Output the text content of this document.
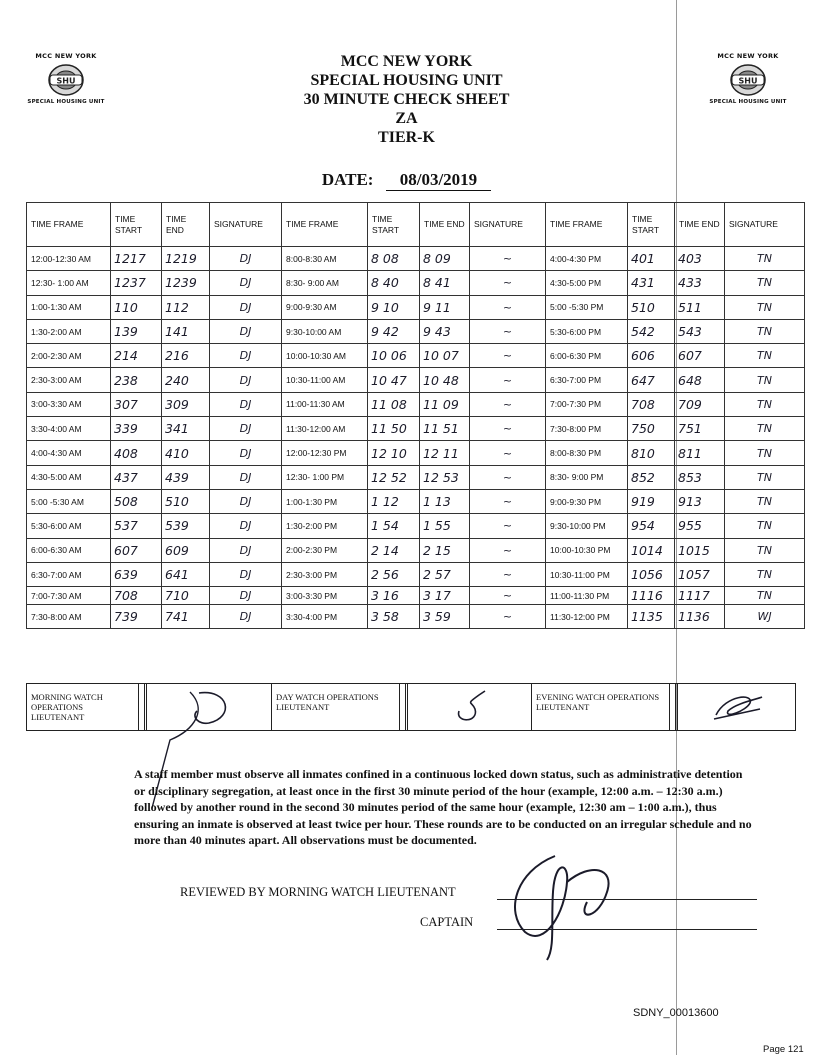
MCC NEW YORK
SHU
SPECIAL HOUSING UNIT
MCC NEW YORK
SHU
SPECIAL HOUSING UNIT
MCC NEW YORK
SPECIAL HOUSING UNIT
30 MINUTE CHECK SHEET
ZA
TIER-K
DATE: 08/03/2019
TIME FRAME	TIME START	TIME END	SIGNATURE	TIME FRAME	TIME START	TIME END	SIGNATURE	TIME FRAME	TIME START	TIME END	SIGNATURE
12:00-12:30 AM	1217	1219	DJ	8:00-8:30 AM	8 08	8 09	~	4:00-4:30 PM	401	403	TN
12:30- 1:00 AM	1237	1239	DJ	8:30- 9:00 AM	8 40	8 41	~	4:30-5:00 PM	431	433	TN
1:00-1:30 AM	110	112	DJ	9:00-9:30 AM	9 10	9 11	~	5:00 -5:30 PM	510	511	TN
1:30-2:00 AM	139	141	DJ	9:30-10:00 AM	9 42	9 43	~	5:30-6:00 PM	542	543	TN
2:00-2:30 AM	214	216	DJ	10:00-10:30 AM	10 06	10 07	~	6:00-6:30 PM	606	607	TN
2:30-3:00 AM	238	240	DJ	10:30-11:00 AM	10 47	10 48	~	6:30-7:00 PM	647	648	TN
3:00-3:30 AM	307	309	DJ	11:00-11:30 AM	11 08	11 09	~	7:00-7:30 PM	708	709	TN
3:30-4:00 AM	339	341	DJ	11:30-12:00 AM	11 50	11 51	~	7:30-8:00 PM	750	751	TN
4:00-4:30 AM	408	410	DJ	12:00-12:30 PM	12 10	12 11	~	8:00-8:30 PM	810	811	TN
4:30-5:00 AM	437	439	DJ	12:30- 1:00 PM	12 52	12 53	~	8:30- 9:00 PM	852	853	TN
5:00 -5:30 AM	508	510	DJ	1:00-1:30 PM	1 12	1 13	~	9:00-9:30 PM	919	913	TN
5:30-6:00 AM	537	539	DJ	1:30-2:00 PM	1 54	1 55	~	9:30-10:00 PM	954	955	TN
6:00-6:30 AM	607	609	DJ	2:00-2:30 PM	2 14	2 15	~	10:00-10:30 PM	1014	1015	TN
6:30-7:00 AM	639	641	DJ	2:30-3:00 PM	2 56	2 57	~	10:30-11:00 PM	1056	1057	TN
7:00-7:30 AM	708	710	DJ	3:00-3:30 PM	3 16	3 17	~	11:00-11:30 PM	1116	1117	TN
7:30-8:00 AM	739	741	DJ	3:30-4:00 PM	3 58	3 59	~	11:30-12:00 PM	1135	1136	WJ
MORNING WATCH OPERATIONS LIEUTENANT
DAY WATCH OPERATIONS LIEUTENANT
EVENING WATCH OPERATIONS LIEUTENANT
A staff member must observe all inmates confined in a continuous locked down status, such as administrative detention or disciplinary segregation, at least once in the first 30 minute period of the hour (example, 12:00 a.m. – 12:30 a.m.) followed by another round in the second 30 minutes period of the same hour (example, 12:30 am – 1:00 a.m.), thus ensuring an inmate is observed at least twice per hour. These rounds are to be conducted on an irregular schedule and no more than 40 minutes apart. All observations must be documented.
REVIEWED BY MORNING WATCH LIEUTENANT
CAPTAIN
SDNY_00013600
Page 121
